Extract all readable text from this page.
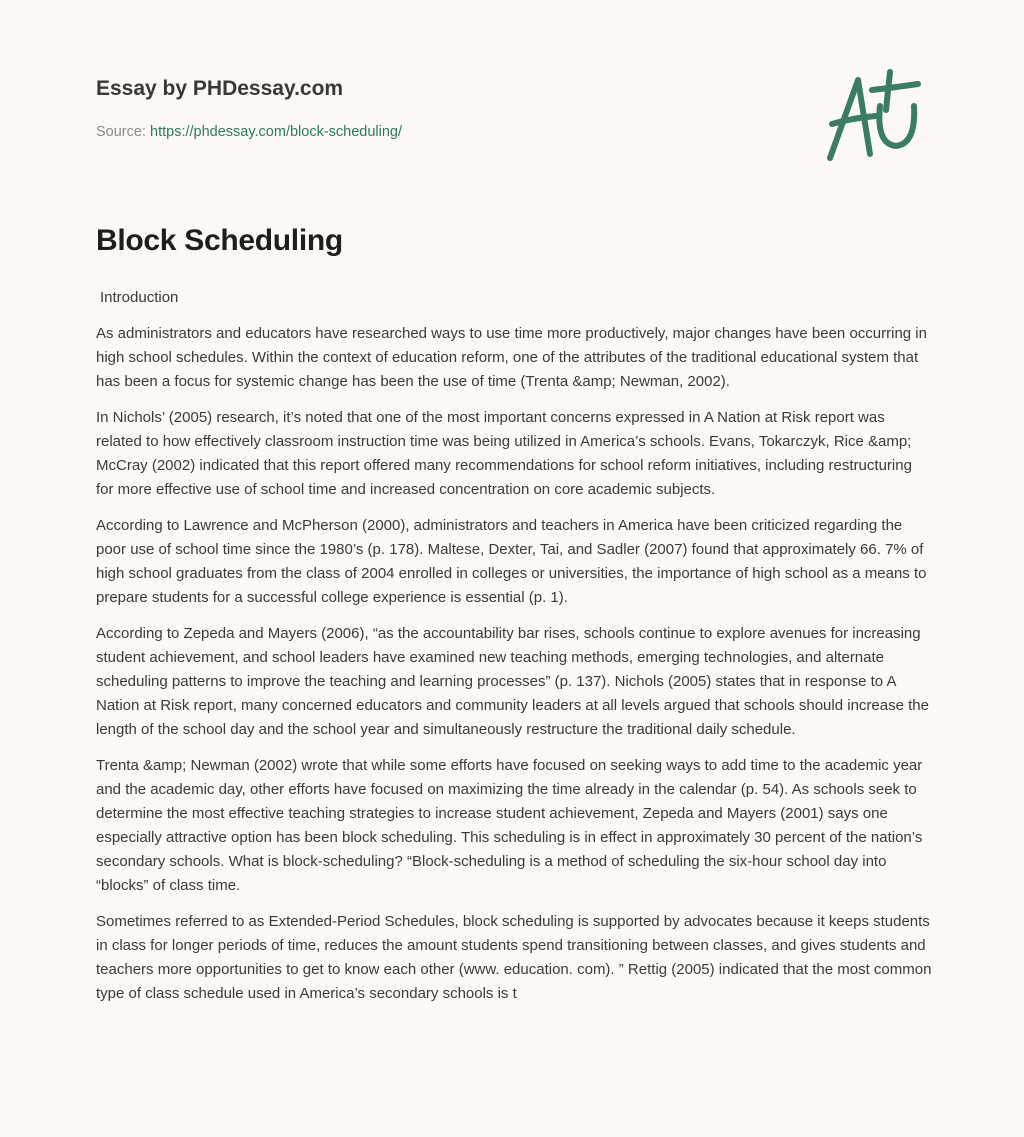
Essay by PHDessay.com
Source: https://phdessay.com/block-scheduling/
Block Scheduling

Introduction

As administrators and educators have researched ways to use time more productively, major changes have been occurring in high school schedules. Within the context of education reform, one of the attributes of the traditional educational system that has been a focus for systemic change has been the use of time (Trenta &amp; Newman, 2002).

In Nichols’ (2005) research, it’s noted that one of the most important concerns expressed in A Nation at Risk report was related to how effectively classroom instruction time was being utilized in America’s schools. Evans, Tokarczyk, Rice &amp; McCray (2002) indicated that this report offered many recommendations for school reform initiatives, including restructuring for more effective use of school time and increased concentration on core academic subjects.

According to Lawrence and McPherson (2000), administrators and teachers in America have been criticized regarding the poor use of school time since the 1980’s (p. 178). Maltese, Dexter, Tai, and Sadler (2007) found that approximately 66. 7% of high school graduates from the class of 2004 enrolled in colleges or universities, the importance of high school as a means to prepare students for a successful college experience is essential (p. 1).

According to Zepeda and Mayers (2006), “as the accountability bar rises, schools continue to explore avenues for increasing student achievement, and school leaders have examined new teaching methods, emerging technologies, and alternate scheduling patterns to improve the teaching and learning processes” (p. 137). Nichols (2005) states that in response to A Nation at Risk report, many concerned educators and community leaders at all levels argued that schools should increase the length of the school day and the school year and simultaneously restructure the traditional daily schedule.

Trenta &amp; Newman (2002) wrote that while some efforts have focused on seeking ways to add time to the academic year and the academic day, other efforts have focused on maximizing the time already in the calendar (p. 54). As schools seek to determine the most effective teaching strategies to increase student achievement, Zepeda and Mayers (2001) says one especially attractive option has been block scheduling. This scheduling is in effect in approximately 30 percent of the nation’s secondary schools. What is block-scheduling? “Block-scheduling is a method of scheduling the six-hour school day into “blocks” of class time.

Sometimes referred to as Extended-Period Schedules, block scheduling is supported by advocates because it keeps students in class for longer periods of time, reduces the amount students spend transitioning between classes, and gives students and teachers more opportunities to get to know each other (www. education. com). ” Rettig (2005) indicated that the most common type of class schedule used in America’s secondary schools is t
